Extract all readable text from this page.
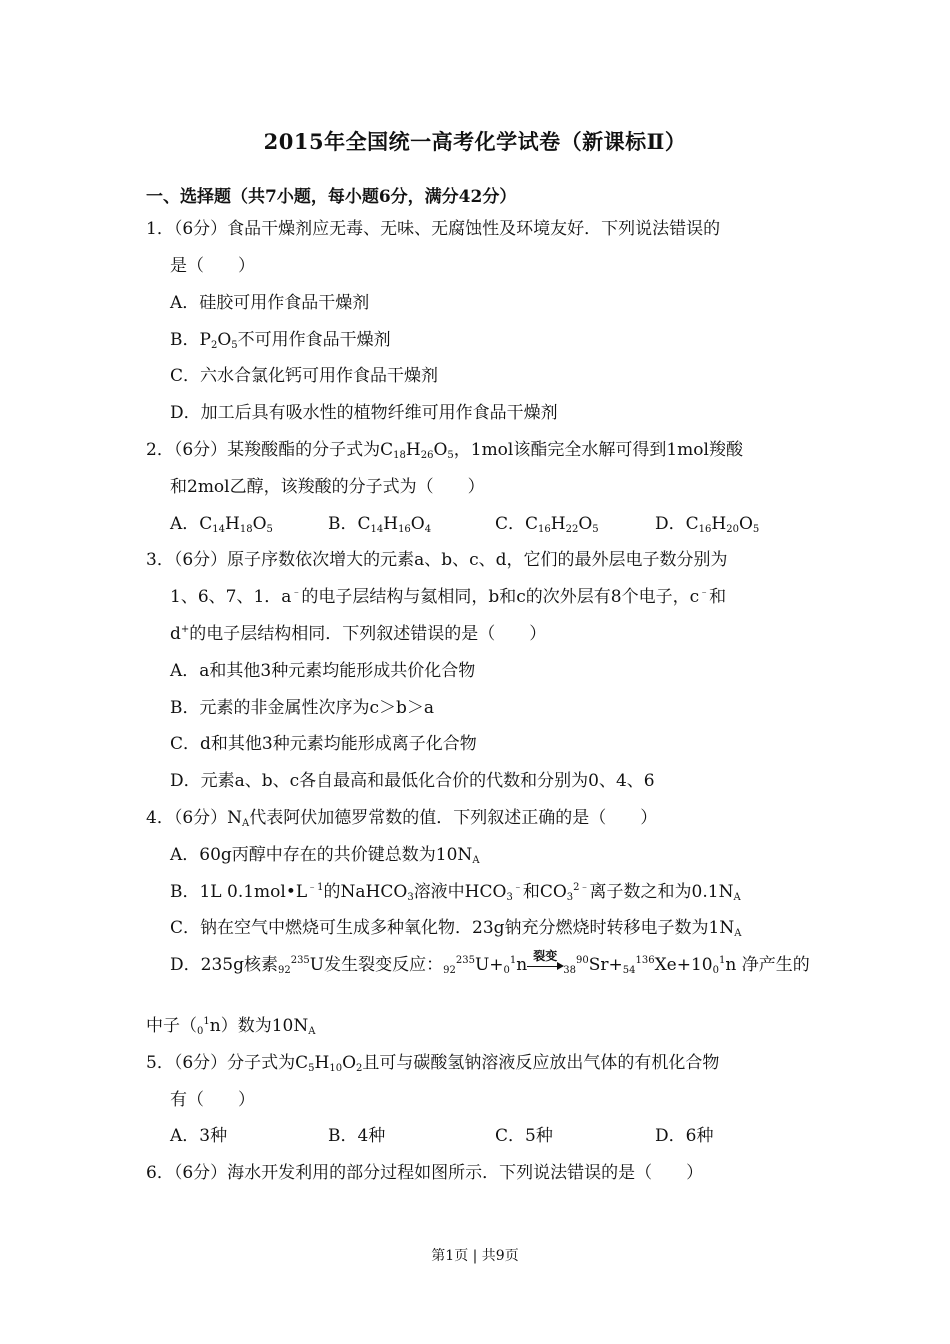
2015年全国统一高考化学试卷（新课标Ⅱ）
一、选择题（共7小题，每小题6分，满分42分）
1．（6分）食品干燥剂应无毒、无味、无腐蚀性及环境友好．下列说法错误的
是（　　）
A．硅胶可用作食品干燥剂
B．$P_2O_5$不可用作食品干燥剂
C．六水合氯化钙可用作食品干燥剂
D．加工后具有吸水性的植物纤维可用作食品干燥剂
2．（6分）某羧酸酯的分子式为$C_{18}H_{26}O_5$，1mol该酯完全水解可得到1mol羧酸
和2mol乙醇，该羧酸的分子式为（　　）
A．$C_{14}H_{18}O_5$	B．$C_{14}H_{16}O_4$	C．$C_{16}H_{22}O_5$	D．$C_{16}H_{20}O_5$
3．（6分）原子序数依次增大的元素a、b、c、d，它们的最外层电子数分别为
1、6、7、1．a﹣的电子层结构与氦相同，b和c的次外层有8个电子，c﹣和
d+的电子层结构相同．下列叙述错误的是（　　）
A．a和其他3种元素均能形成共价化合物
B．元素的非金属性次序为c＞b＞a
C．d和其他3种元素均能形成离子化合物
D．元素a、b、c各自最高和最低化合价的代数和分别为0、4、6
4．（6分）$N_A$代表阿伏加德罗常数的值．下列叙述正确的是（　　）
A．60g丙醇中存在的共价键总数为$10N_A$
B．1L $0.1mol•L^{﹣1}$的NaHCO$_3$溶液中$HCO_3^﹣$和$CO_3^{2﹣}$离子数之和为$0.1N_A$
C．钠在空气中燃烧可生成多种氧化物．23g钠充分燃烧时转移电子数为$1N_A$
D．235g核素$_{92}^{235}$U发生裂变反应：$_{92}^{235}U+_0^1n$ 裂变
$_{38}^{90}Sr+_{54}^{136}Xe+10_0^1n$ 净产生的
中子$(_0^1n)$数为$10N_A$
5．（6分）分子式为$C_5H_{10}O_2$且可与碳酸氢钠溶液反应放出气体的有机化合物
有（　　）
A．3种	B．4种	C．5种	D．6种
6．（6分）海水开发利用的部分过程如图所示．下列说法错误的是（　　）
第1页 | 共9页
